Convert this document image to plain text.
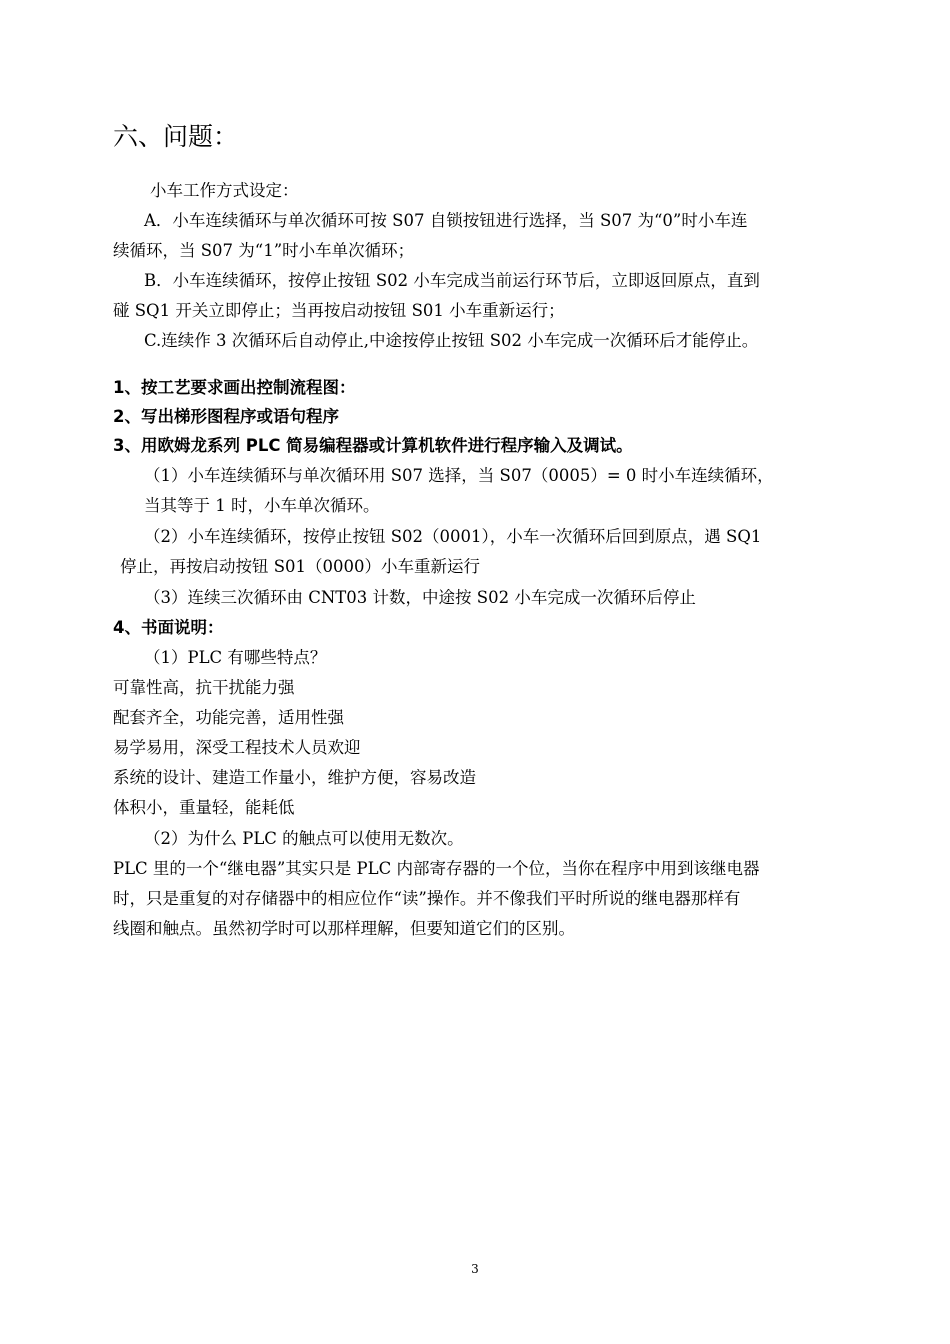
六、问题：
小车工作方式设定：
A．小车连续循环与单次循环可按 S07 自锁按钮进行选择，当 S07 为“0”时小车连
续循环，当 S07 为“1”时小车单次循环；
B．小车连续循环，按停止按钮 S02 小车完成当前运行环节后，立即返回原点，直到
碰 SQ1 开关立即停止；当再按启动按钮 S01 小车重新运行；
C.连续作 3 次循环后自动停止,中途按停止按钮 S02 小车完成一次循环后才能停止。
1、按工艺要求画出控制流程图：
2、写出梯形图程序或语句程序
3、用欧姆龙系列 PLC 简易编程器或计算机软件进行程序输入及调试。
（1）小车连续循环与单次循环用 S07 选择，当 S07（0005）= 0 时小车连续循环，
当其等于 1 时，小车单次循环。
（2）小车连续循环，按停止按钮 S02（0001），小车一次循环后回到原点，遇 SQ1
停止，再按启动按钮 S01（0000）小车重新运行
（3）连续三次循环由 CNT03 计数，中途按 S02 小车完成一次循环后停止
4、书面说明：
（1）PLC 有哪些特点？
可靠性高，抗干扰能力强
配套齐全，功能完善，适用性强
易学易用，深受工程技术人员欢迎
系统的设计、建造工作量小，维护方便，容易改造
体积小，重量轻，能耗低
（2）为什么 PLC 的触点可以使用无数次。
PLC 里的一个“继电器”其实只是 PLC 内部寄存器的一个位，当你在程序中用到该继电器
时，只是重复的对存储器中的相应位作“读”操作。并不像我们平时所说的继电器那样有
线圈和触点。虽然初学时可以那样理解，但要知道它们的区别。
3
